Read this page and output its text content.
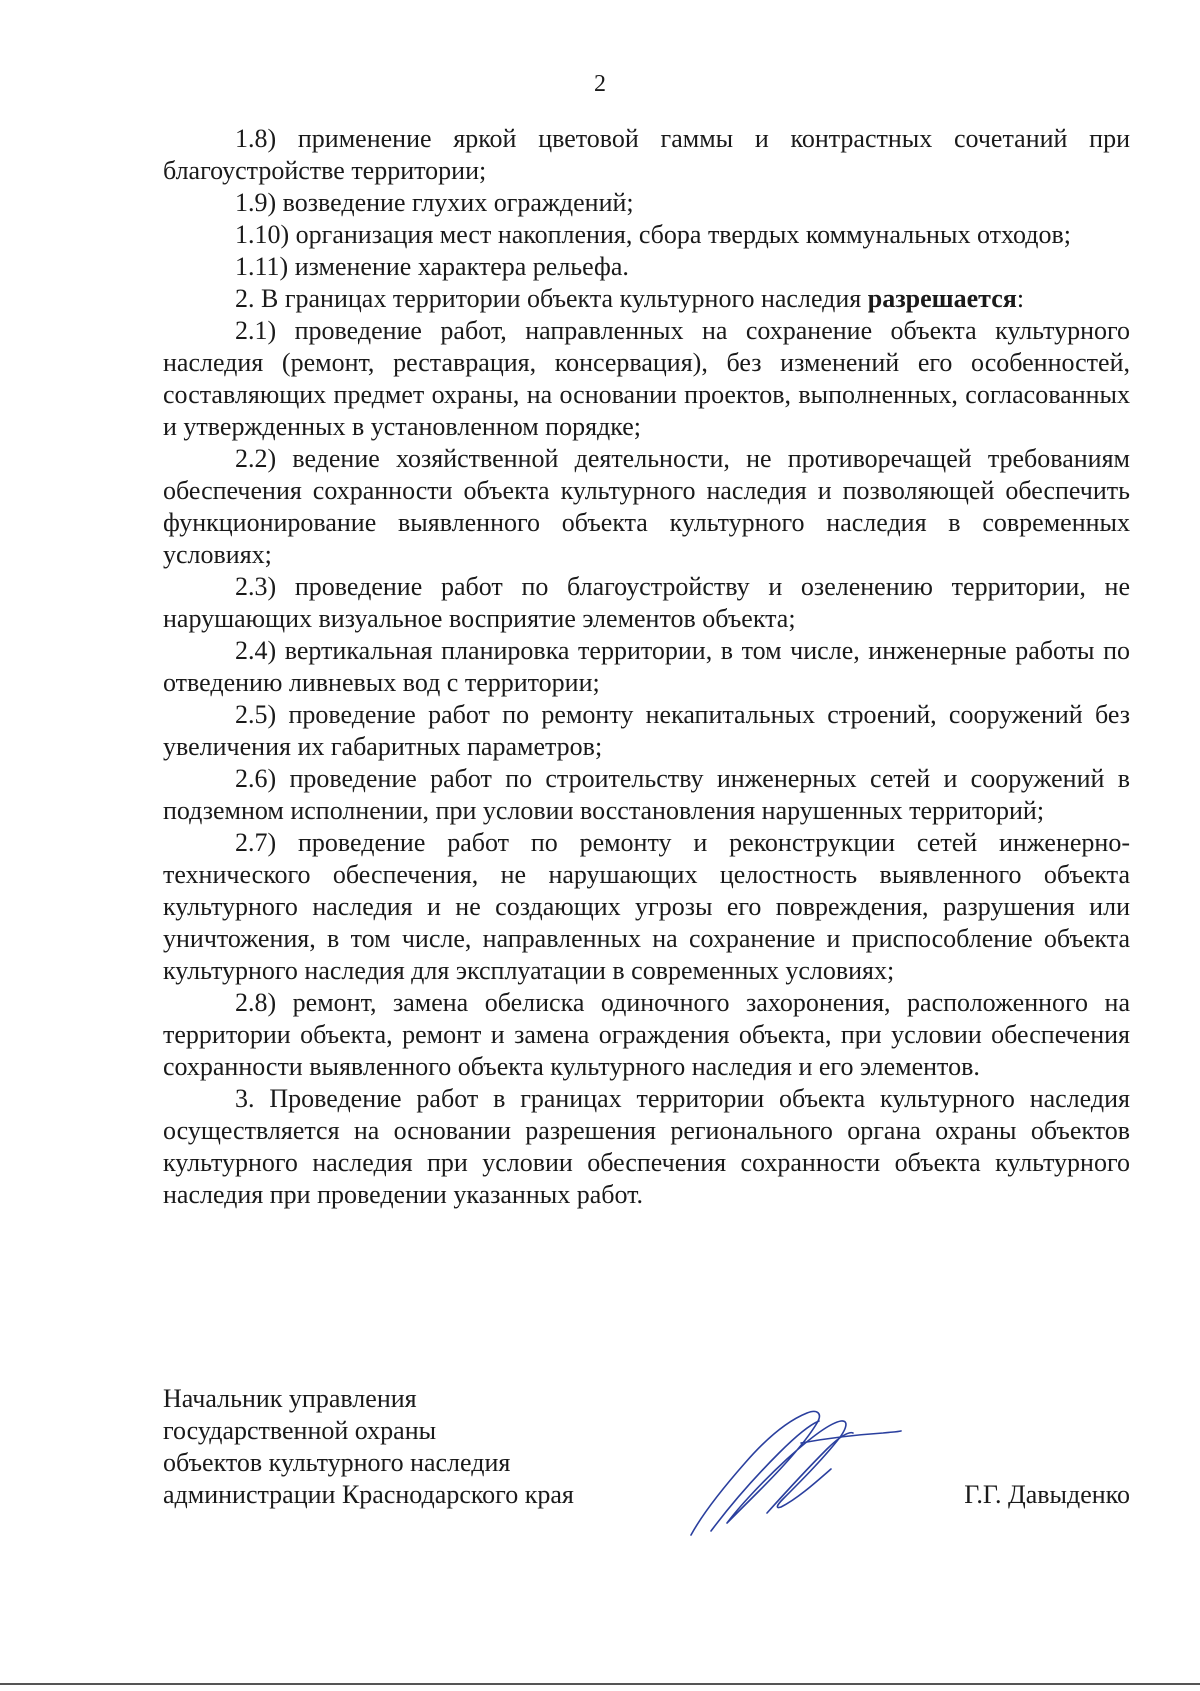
2

1.8) применение яркой цветовой гаммы и контрастных сочетаний при благоустройстве территории;

1.9) возведение глухих ограждений;

1.10) организация мест накопления, сбора твердых коммунальных отходов;

1.11) изменение характера рельефа.

2. В границах территории объекта культурного наследия разрешается:

2.1) проведение работ, направленных на сохранение объекта культурного наследия (ремонт, реставрация, консервация), без изменений его особенностей, составляющих предмет охраны, на основании проектов, выполненных, согласованных и утвержденных в установленном порядке;

2.2) ведение хозяйственной деятельности, не противоречащей требованиям обеспечения сохранности объекта культурного наследия и позволяющей обеспечить функционирование выявленного объекта культурного наследия в современных условиях;

2.3) проведение работ по благоустройству и озеленению территории, не нарушающих визуальное восприятие элементов объекта;

2.4) вертикальная планировка территории, в том числе, инженерные работы по отведению ливневых вод с территории;

2.5) проведение работ по ремонту некапитальных строений, сооружений без увеличения их габаритных параметров;

2.6) проведение работ по строительству инженерных сетей и сооружений в подземном исполнении, при условии восстановления нарушенных территорий;

2.7) проведение работ по ремонту и реконструкции сетей инженерно-технического обеспечения, не нарушающих целостность выявленного объекта культурного наследия и не создающих угрозы его повреждения, разрушения или уничтожения, в том числе, направленных на сохранение и приспособление объекта культурного наследия для эксплуатации в современных условиях;

2.8) ремонт, замена обелиска одиночного захоронения, расположенного на территории объекта, ремонт и замена ограждения объекта, при условии обеспечения сохранности выявленного объекта культурного наследия и его элементов.

3. Проведение работ в границах территории объекта культурного наследия осуществляется на основании разрешения регионального органа охраны объектов культурного наследия при условии обеспечения сохранности объекта культурного наследия при проведении указанных работ.

Начальник управления
государственной охраны
объектов культурного наследия
администрации Краснодарского края	Г.Г. Давыденко
